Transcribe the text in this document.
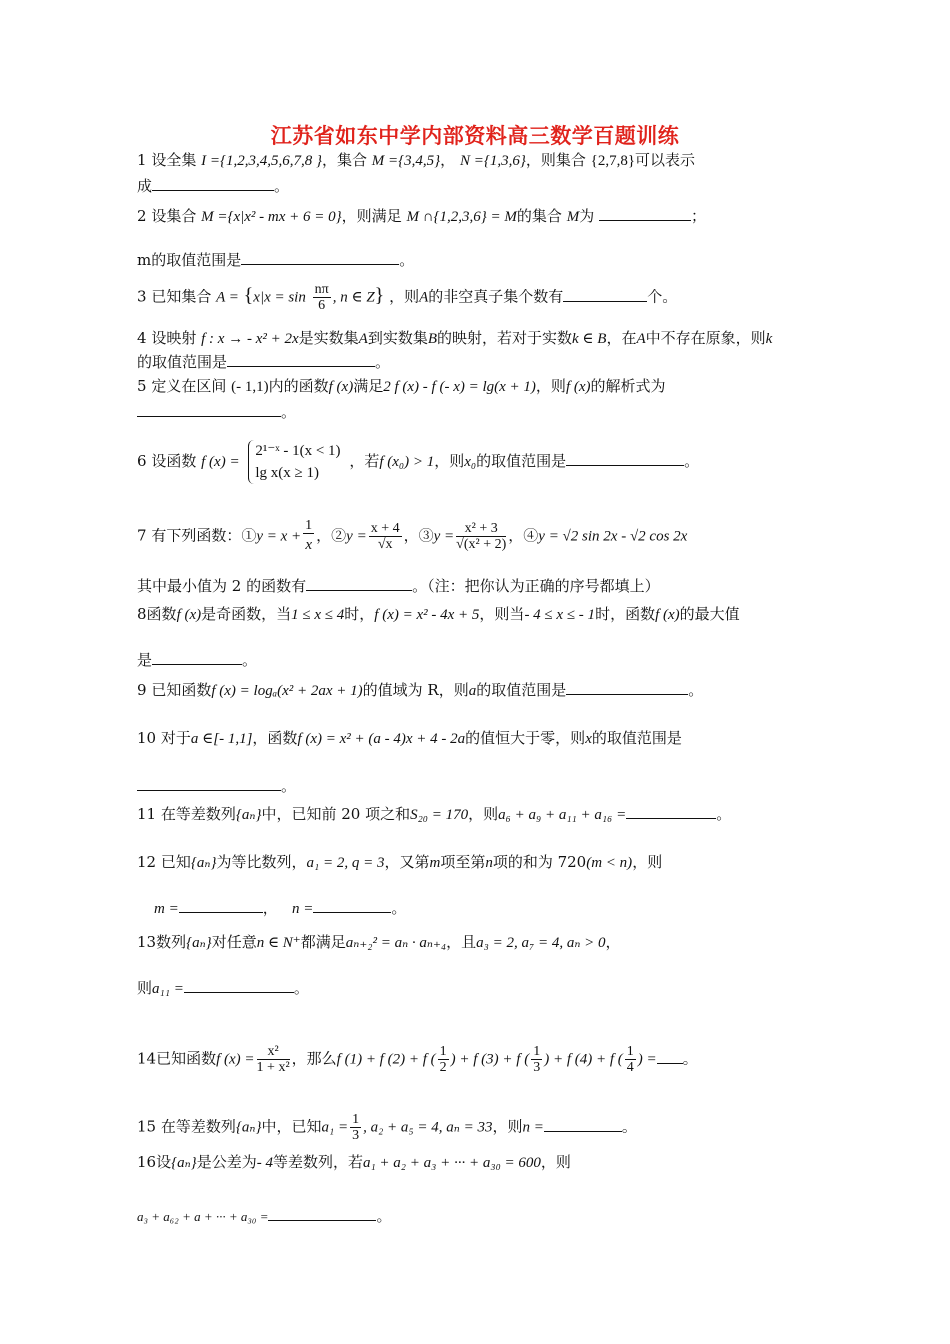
江苏省如东中学内部资料高三数学百题训练
1 设全集 I ={1,2,3,4,5,6,7,8 }，集合 M ={3,4,5}， N ={1,3,6}，则集合 {2,7,8}可以表示
成	。
2 设集合 M ={x|x² - mx + 6 = 0}，则满足 M ∩{1,2,3,6} = M的集合 M为	；
m的取值范围是	。
3 已知集合 $A = \{x|x = \sin \frac{n\pi}{6}$ , n ∈ Z} ，则A的非空真子集个数有	个。
4 设映射 f : x → - x² + 2x是实数集A到实数集B的映射，若对于实数k ∈ B，在A中不存在原象，则k
的取值范围是	。
5 定义在区间 (- 1,1)内的函数f (x)满足2 f (x) - f (- x) = lg(x + 1)，则f (x)的解析式为
。
6 设函数 f (x) =
2¹⁻ˣ - 1(x < 1)
lg x(x ≥ 1)
，若f (x₀) > 1，则x₀的取值范围是	。
7 有下列函数：①y = $x + \frac{1}{x}$ ，②y = $\frac{x + 4}{√x}$ ，③y = $\frac{\text{x² + 3}}{\text{√(x² + 2)}}$ ，④y = √2 sin 2x - √2 cos 2x
其中最小值为 2 的函数有	。（注：把你认为正确的序号都填上）
8函数f (x)是奇函数，当1 ≤ x ≤ 4时，f (x) = x² - 4x + 5，则当- 4 ≤ x ≤ - 1时，函数f (x)的最大值
是	。
9 已知函数f (x) = logₐ(x² + 2ax + 1)的值域为 R，则a的取值范围是	。
10 对于a ∈[- 1,1]，函数f (x) = x² + (a - 4)x + 4 - 2a的值恒大于零，则x的取值范围是
。
11 在等差数列{aₙ}中，已知前 20 项之和S₂₀ = 170，则a₆ + a₉ + a₁₁ + a₁₆ =	。
12 已知{aₙ}为等比数列，a₁ = 2, q = 3，又第m项至第n项的和为 720(m < n)，则
m =	， n =	。
13数列{aₙ}对任意n ∈ N⁺都满足aₙ₊₂² = aₙ · aₙ₊₄，且a₃ = 2, a₇ = 4, aₙ > 0，
则a₁₁ =	。
14已知函数f $(x) = \frac{\text{x²}}{\text{1 + x²}}$ ，那么f (1) + f (2) + f ( $\frac{1}{2}$ ) + f (3) + f ( $\frac{1}{3}$ ) + f (4) + f ( $\frac{1}{4}$ ) = 。
15 在等差数列{aₙ}中，已知$a_1 = \frac{1}{3}$ , a₂ + a₅ = 4, aₙ = 33，则n =	。
16设{aₙ}是公差为- 4等差数列，若a₁ + a₂ + a₃ + ··· + a₃₀ = 600，则
a₃ + a₆₂ + a + ··· + a₃₀ =	。
